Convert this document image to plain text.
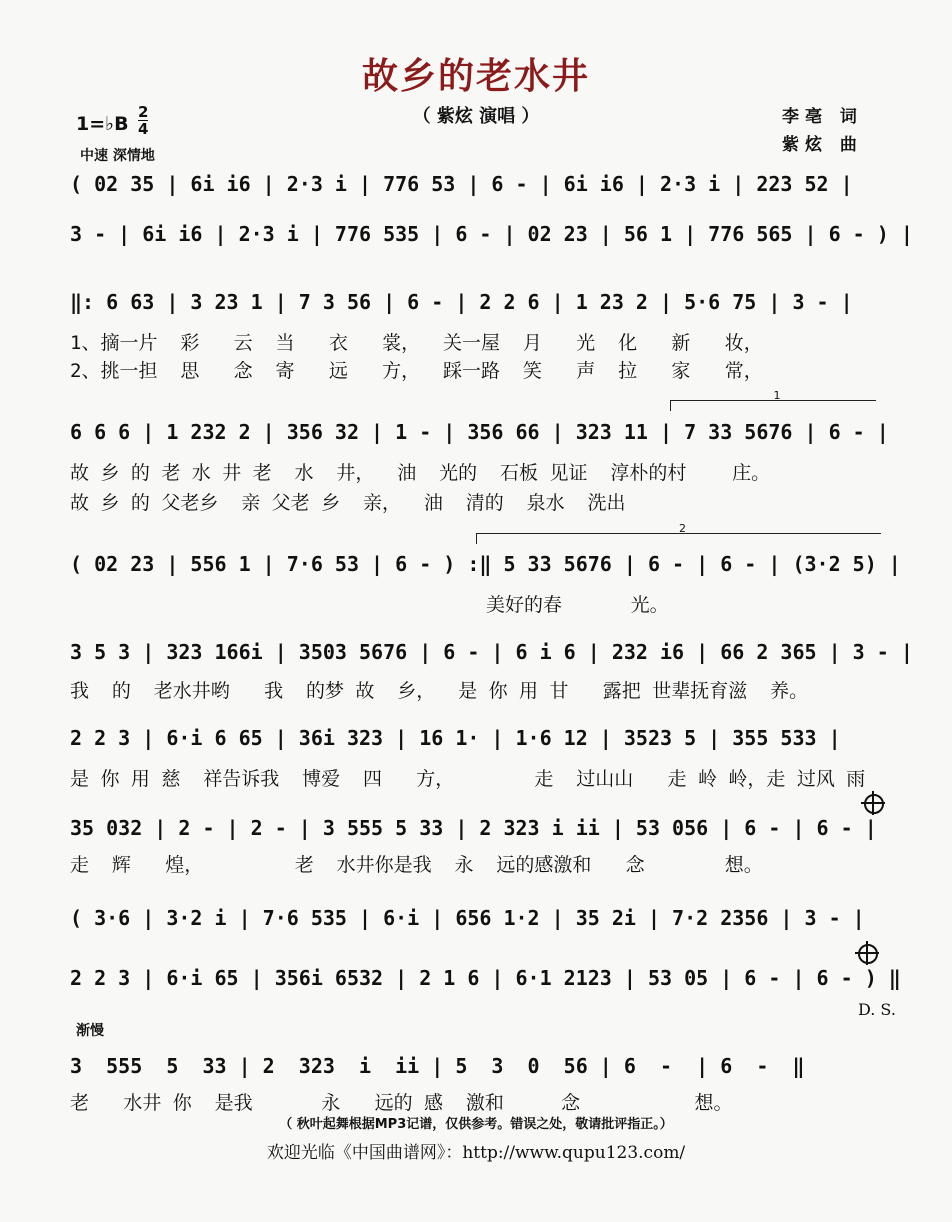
故乡的老水井
（ 紫炫 演唱 ）
1=♭B
2
4
中速 深情地
李亳 词
紫炫 曲
( 02 35 | 6i i6 | 2·3 i | 776 53 | 6 - | 6i i6 | 2·3 i | 223 52 |
3 - | 6i i6 | 2·3 i | 776 535 | 6 - | 02 23 | 56 1 | 776 565 | 6 - ) |
‖: 6 63 | 3 23 1 | 7 3 56 | 6 - | 2 2 6 | 1 23 2 | 5·6 75 | 3 - |
1、摘一片  彩   云  当   衣   裳，  关一屋  月   光  化   新   妆，
2、挑一担  思   念  寄   远   方，  踩一路  笑   声  拉   家   常，
1
6 6 6 | 1 232 2 | 356 32 | 1 - | 356 66 | 323 11 | 7 33 5676 | 6 - |
故 乡 的 老 水 井 老  水  井，  油  光的  石板 见证  淳朴的村    庄。
故 乡 的 父老乡  亲 父老 乡  亲，  油  清的  泉水  洗出
2
( 02 23 | 556 1 | 7·6 53 | 6 - ) :‖ 5 33 5676 | 6 - | 6 - | (3·2 5) |
美好的春      光。
3 5 3 | 323 166i | 3503 5676 | 6 - | 6 i 6 | 232 i6 | 66 2 365 | 3 - |
我  的  老水井哟   我  的梦 故  乡，  是 你 用 甘   露把 世辈抚育滋  养。
2 2 3 | 6·i 6 65 | 36i 323 | 16 1· | 1·6 12 | 3523 5 | 355 533 |
是 你 用 慈  祥告诉我  博爱  四   方，       走  过山山   走 岭 岭，走 过风 雨
35 032 | 2 - | 2 - | 3 555 5 33 | 2 323 i ii | 53 056 | 6 - | 6 - |
走  辉   煌，        老  水井你是我  永  远的感激和   念       想。
( 3·6 | 3·2 i | 7·6 535 | 6·i | 656 1·2 | 35 2i | 7·2 2356 | 3 - |
2 2 3 | 6·i 65 | 356i 6532 | 2 1 6 | 6·1 2123 | 53 05 | 6 - | 6 - ) ‖
D. S.
渐慢
3  555  5  33 | 2  323  i  ii | 5  3  0  56 | 6  -  | 6  -  ‖
老   水井 你  是我      永   远的 感  激和     念          想。
（ 秋叶起舞根据MP3记谱，仅供参考。错误之处，敬请批评指正。）
欢迎光临《中国曲谱网》：http://www.qupu123.com/
